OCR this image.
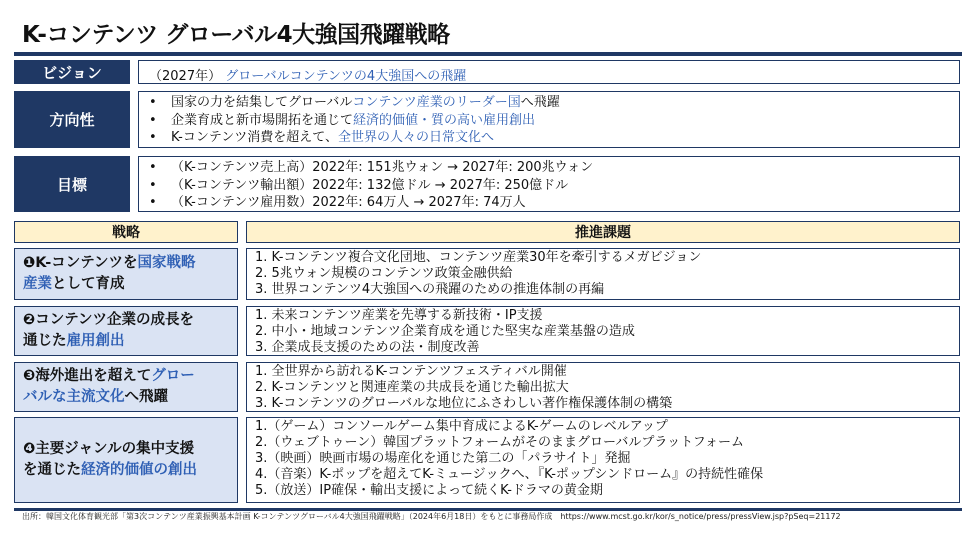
K-コンテンツ グローバル4大強国飛躍戦略
ビジョン	（2027年） グローバルコンテンツの4大強国への飛躍
方向性
• 国家の力を結集してグローバルコンテンツ産業のリーダー国へ飛躍
• 企業育成と新市場開拓を通じて経済的価値・質の高い雇用創出
• K-コンテンツ消費を超えて、全世界の人々の日常文化へ
目標
• （K-コンテンツ売上高）2022年: 151兆ウォン → 2027年: 200兆ウォン
• （K-コンテンツ輸出額）2022年: 132億ドル → 2027年: 250億ドル
• （K-コンテンツ雇用数）2022年: 64万人 → 2027年: 74万人
戦略	推進課題
❶K-コンテンツを国家戦略
産業として育成
1. K-コンテンツ複合文化団地、コンテンツ産業30年を牽引するメガビジョン
2. 5兆ウォン規模のコンテンツ政策金融供給
3. 世界コンテンツ4大強国への飛躍のための推進体制の再編
❷コンテンツ企業の成長を
通じた雇用創出
1. 未来コンテンツ産業を先導する新技術・IP支援
2. 中小・地域コンテンツ企業育成を通じた堅実な産業基盤の造成
3. 企業成長支援のための法・制度改善
❸海外進出を超えてグロー
バルな主流文化へ飛躍
1. 全世界から訪れるK-コンテンツフェスティバル開催
2. K-コンテンツと関連産業の共成長を通じた輸出拡大
3. K-コンテンツのグローバルな地位にふさわしい著作権保護体制の構築
❹主要ジャンルの集中支援
を通じた経済的価値の創出
1.（ゲーム）コンソールゲーム集中育成によるK-ゲームのレベルアップ
2.（ウェブトゥーン）韓国プラットフォームがそのままグローバルプラットフォーム
3.（映画）映画市場の場産化を通じた第二の「パラサイト」発掘
4.（音楽）K-ポップを超えてK-ミュージックへ、『K-ポップシンドローム』の持続性確保
5.（放送）IP確保・輸出支援によって続くK-ドラマの黄金期
出所：韓国文化体育観光部「第3次コンテンツ産業振興基本計画 K-コンテンツグローバル4大強国飛躍戦略」（2024年6月18日）をもとに事務局作成　https://www.mcst.go.kr/kor/s_notice/press/pressView.jsp?pSeq=21172
